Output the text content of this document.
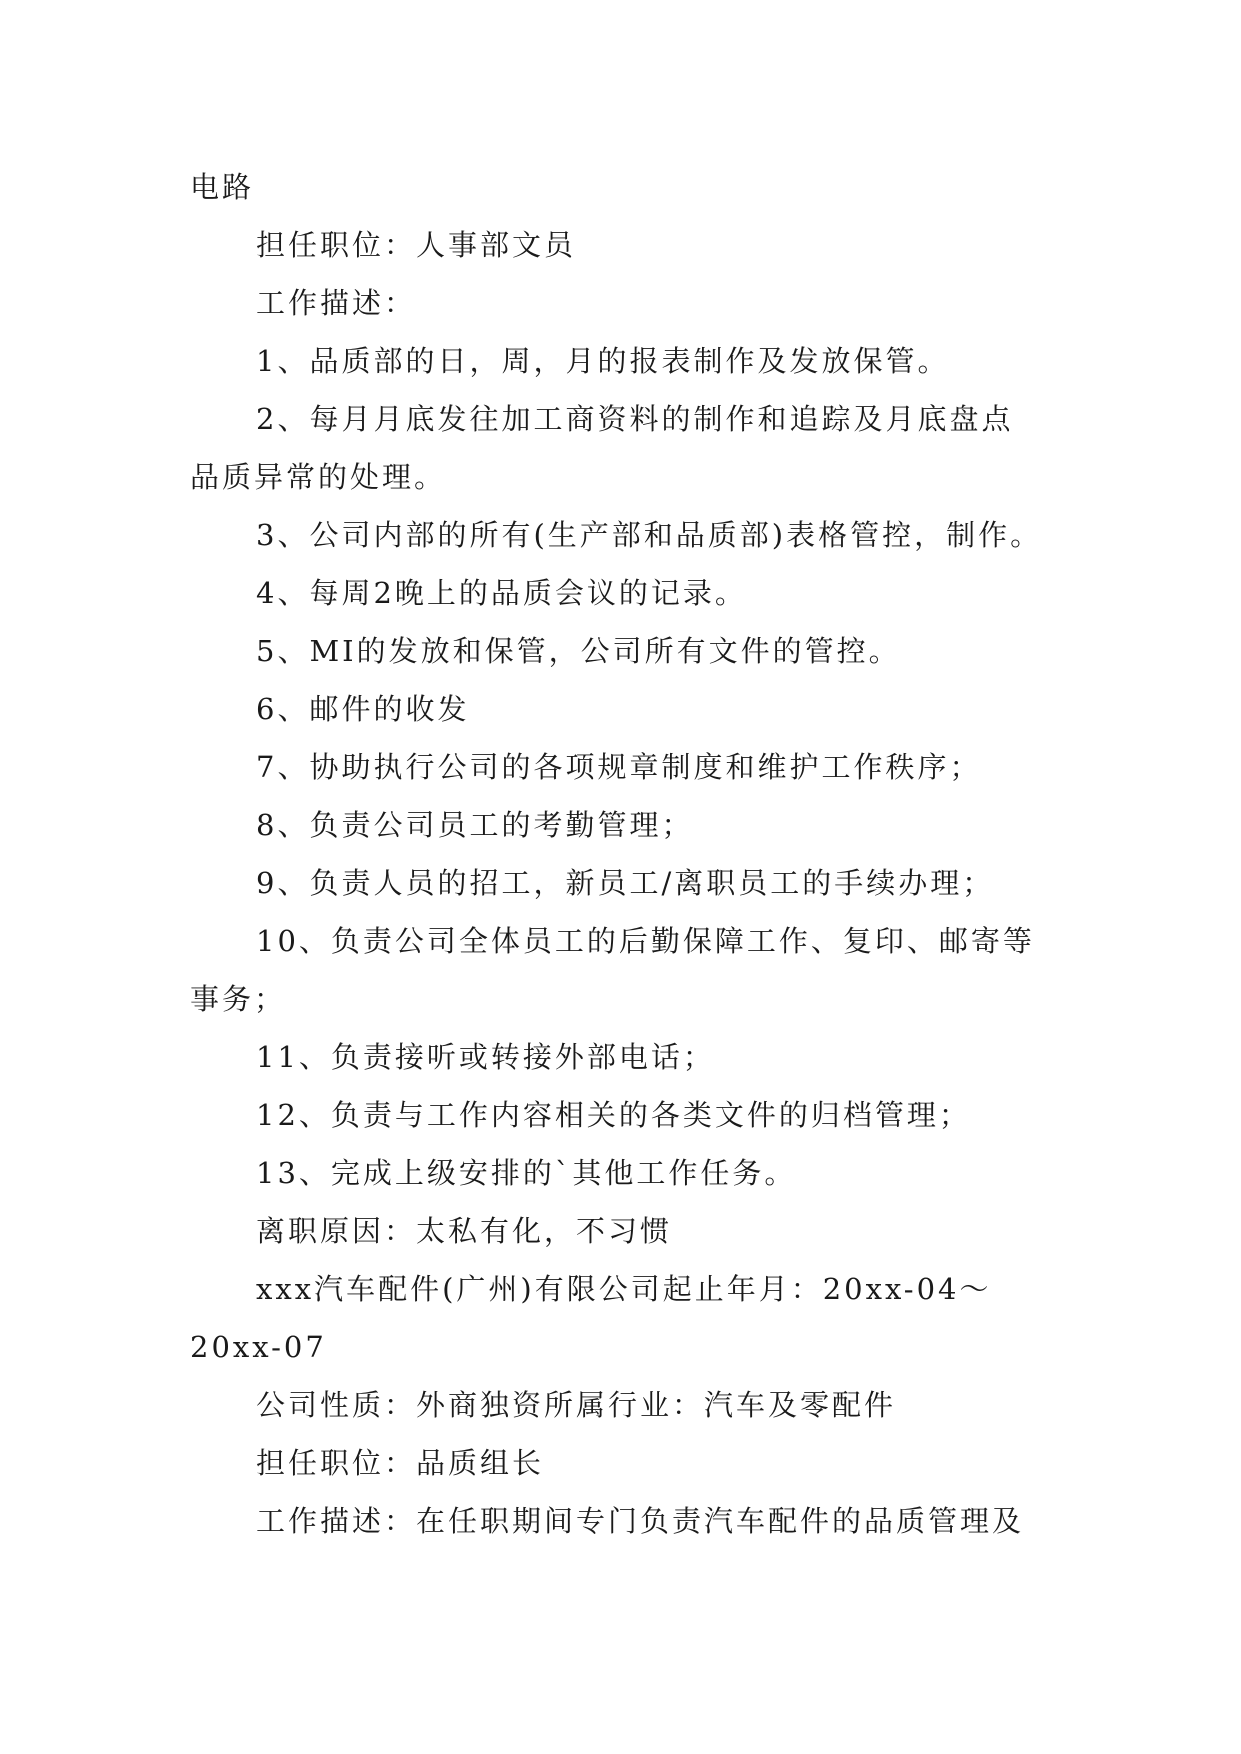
电路

担任职位：人事部文员

工作描述：

1、品质部的日，周，月的报表制作及发放保管。

2、每月月底发往加工商资料的制作和追踪及月底盘点

品质异常的处理。

3、公司内部的所有(生产部和品质部)表格管控，制作。

4、每周2晚上的品质会议的记录。

5、MI的发放和保管，公司所有文件的管控。

6、邮件的收发

7、协助执行公司的各项规章制度和维护工作秩序；

8、负责公司员工的考勤管理；

9、负责人员的招工，新员工/离职员工的手续办理；

10、负责公司全体员工的后勤保障工作、复印、邮寄等

事务；

11、负责接听或转接外部电话；

12、负责与工作内容相关的各类文件的归档管理；

13、完成上级安排的`其他工作任务。

离职原因：太私有化，不习惯

xxx汽车配件(广州)有限公司起止年月：20xx-04～

20xx-07

公司性质：外商独资所属行业：汽车及零配件

担任职位：品质组长

工作描述：在任职期间专门负责汽车配件的品质管理及
